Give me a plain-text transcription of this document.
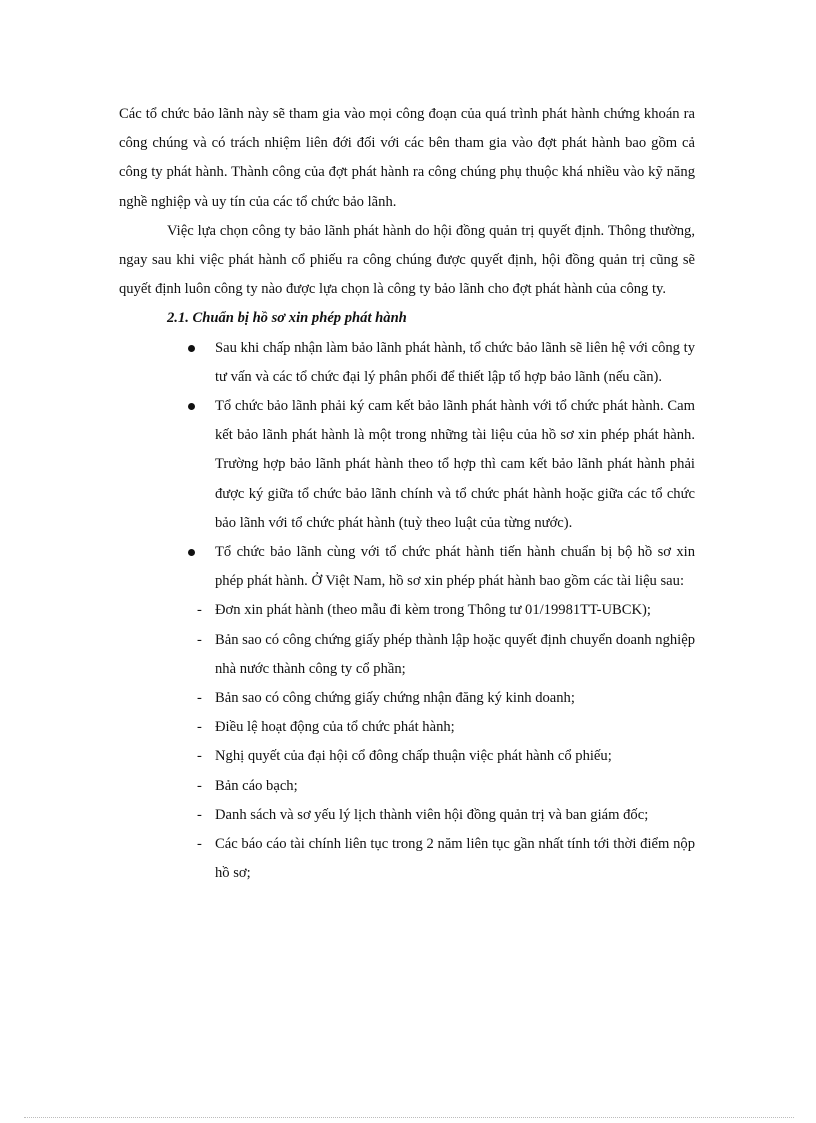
Các tổ chức bảo lãnh này sẽ tham gia vào mọi công đoạn của quá trình phát hành chứng khoán ra công chúng và có trách nhiệm liên đới đối với các bên tham gia vào đợt phát hành bao gồm cả công ty phát hành. Thành công của đợt phát hành ra công chúng phụ thuộc khá nhiều vào kỹ năng nghề nghiệp và uy tín của các tổ chức bảo lãnh.

Việc lựa chọn công ty bảo lãnh phát hành do hội đồng quản trị quyết định. Thông thường, ngay sau khi việc phát hành cổ phiếu ra công chúng được quyết định, hội đồng quản trị cũng sẽ quyết định luôn công ty nào được lựa chọn là công ty bảo lãnh cho đợt phát hành của công ty.

2.1. Chuẩn bị hồ sơ xin phép phát hành

Sau khi chấp nhận làm bảo lãnh phát hành, tổ chức bảo lãnh sẽ liên hệ với công ty tư vấn và các tổ chức đại lý phân phối để thiết lập tổ hợp bảo lãnh (nếu cần).

Tổ chức bảo lãnh phải ký cam kết bảo lãnh phát hành với tổ chức phát hành. Cam kết bảo lãnh phát hành là một trong những tài liệu của hồ sơ xin phép phát hành. Trường hợp bảo lãnh phát hành theo tổ hợp thì cam kết bảo lãnh phát hành phải được ký giữa tổ chức bảo lãnh chính và tổ chức phát hành hoặc giữa các tổ chức bảo lãnh với tổ chức phát hành (tuỳ theo luật của từng nước).

Tổ chức bảo lãnh cùng với tổ chức phát hành tiến hành chuẩn bị bộ hồ sơ xin phép phát hành. Ở Việt Nam, hồ sơ xin phép phát hành bao gồm các tài liệu sau:

- Đơn xin phát hành (theo mẫu đi kèm trong Thông tư 01/19981TT-UBCK);

- Bản sao có công chứng giấy phép thành lập hoặc quyết định chuyển doanh nghiệp nhà nước thành công ty cổ phần;

- Bản sao có công chứng giấy chứng nhận đăng ký kinh doanh;

- Điều lệ hoạt động của tổ chức phát hành;

- Nghị quyết của đại hội cổ đông chấp thuận việc phát hành cổ phiếu;

- Bản cáo bạch;

- Danh sách và sơ yếu lý lịch thành viên hội đồng quản trị và ban giám đốc;

- Các báo cáo tài chính liên tục trong 2 năm liên tục gần nhất tính tới thời điểm nộp hồ sơ;
